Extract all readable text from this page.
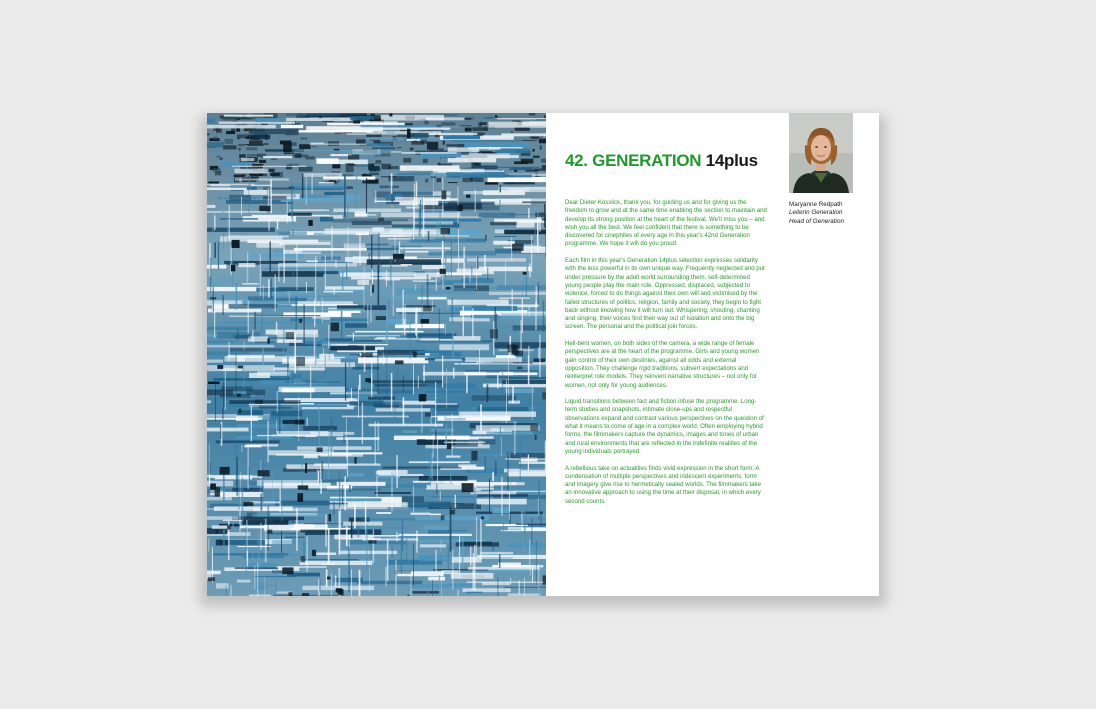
© ART ARTIST
42. GENERATION 14plus

Dear Dieter Kosslick, thank you, for guiding us and for giving us the freedom to grow and at the same time enabling the section to maintain and develop its strong position at the heart of the festival. We'll miss you – and wish you all the best. We feel confident that there is something to be discovered for cinephiles of every age in this year's 42nd Generation programme. We hope it will do you proud.

Each film in this year's Generation 14plus selection expresses solidarity with the less powerful in its own unique way. Frequently neglected and put under pressure by the adult world surrounding them, self-determined young people play the main role. Oppressed, displaced, subjected to violence, forced to do things against their own will and victimised by the failed structures of politics, religion, family and society, they begin to fight back without knowing how it will turn out. Whispering, shouting, chanting and singing, their voices find their way out of isolation and onto the big screen. The personal and the political join forces.

Hell-bent women, on both sides of the camera, a wide range of female perspectives are at the heart of the programme. Girls and young women gain control of their own destinies, against all odds and external opposition. They challenge rigid traditions, subvert expectations and reinterpret role models. They reinvent narrative structures – not only for women, not only for young audiences.

Liquid transitions between fact and fiction infuse the programme. Long-term studies and snapshots, intimate close-ups and respectful observations expand and contrast various perspectives on the question of what it means to come of age in a complex world. Often employing hybrid forms, the filmmakers capture the dynamics, images and tones of urban and rural environments that are reflected in the indefinite realities of the young individuals portrayed.

A rebellious take on actualities finds vivid expression in the short form. A condensation of multiple perspectives and iridescent experiments; form and imagery give rise to hermetically sealed worlds. The filmmakers take an innovative approach to using the time at their disposal, in which every second counts.

Maryanne Redpath
Leiterin Generation
Head of Generation
